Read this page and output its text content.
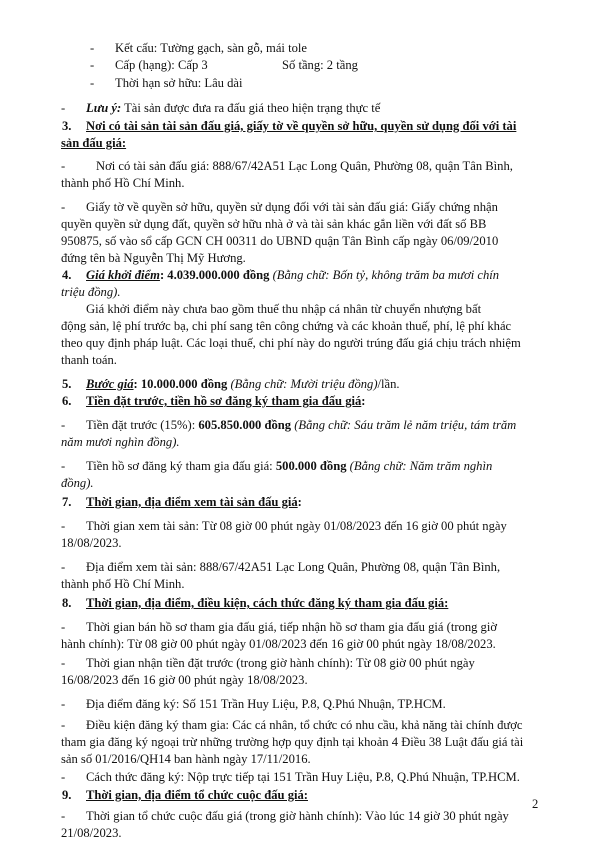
- Kết cấu: Tường gạch, sàn gỗ, mái tole
- Cấp (hạng): Cấp 3	Số tầng: 2 tầng
- Thời hạn sở hữu: Lâu dài
- Lưu ý: Tài sản được đưa ra đấu giá theo hiện trạng thực tế
3. Nơi có tài sản tài sản đấu giá, giấy tờ về quyền sở hữu, quyền sử dụng đối với tài
sản đấu giá:
- Nơi có tài sản đấu giá: 888/67/42A51 Lạc Long Quân, Phường 08, quận Tân Bình,
thành phố Hồ Chí Minh.
- Giấy tờ về quyền sở hữu, quyền sử dụng đối với tài sản đấu giá: Giấy chứng nhận
quyền quyền sử dụng đất, quyền sở hữu nhà ở và tài sản khác gắn liền với đất số BB
950875, số vào sổ cấp GCN CH 00311 do UBND quận Tân Bình cấp ngày 06/09/2010
đứng tên bà Nguyễn Thị Mỹ Hương.
4. Giá khởi điểm: 4.039.000.000 đồng (Bằng chữ: Bốn tỷ, không trăm ba mươi chín
triệu đồng).
Giá khởi điểm này chưa bao gồm thuế thu nhập cá nhân từ chuyển nhượng bất
động sản, lệ phí trước bạ, chi phí sang tên công chứng và các khoản thuế, phí, lệ phí khác
theo quy định pháp luật. Các loại thuế, chi phí này do người trúng đấu giá chịu trách nhiệm
thanh toán.
5. Bước giá: 10.000.000 đồng (Bằng chữ: Mười triệu đồng)/lần.
6. Tiền đặt trước, tiền hồ sơ đăng ký tham gia đấu giá:
- Tiền đặt trước (15%): 605.850.000 đồng (Bằng chữ: Sáu trăm lẻ năm triệu, tám trăm
năm mươi nghìn đồng).
- Tiền hồ sơ đăng ký tham gia đấu giá: 500.000 đồng (Bằng chữ: Năm trăm nghìn
đồng).
7. Thời gian, địa điểm xem tài sản đấu giá:
- Thời gian xem tài sản: Từ 08 giờ 00 phút ngày 01/08/2023 đến 16 giờ 00 phút ngày
18/08/2023.
- Địa điểm xem tài sản: 888/67/42A51 Lạc Long Quân, Phường 08, quận Tân Bình,
thành phố Hồ Chí Minh.
8. Thời gian, địa điểm, điều kiện, cách thức đăng ký tham gia đấu giá:
- Thời gian bán hồ sơ tham gia đấu giá, tiếp nhận hồ sơ tham gia đấu giá (trong giờ
hành chính): Từ 08 giờ 00 phút ngày 01/08/2023 đến 16 giờ 00 phút ngày 18/08/2023.
- Thời gian nhận tiền đặt trước (trong giờ hành chính): Từ 08 giờ 00 phút ngày
16/08/2023 đến 16 giờ 00 phút ngày 18/08/2023.
- Địa điểm đăng ký: Số 151 Trần Huy Liệu, P.8, Q.Phú Nhuận, TP.HCM.
- Điều kiện đăng ký tham gia: Các cá nhân, tổ chức có nhu cầu, khả năng tài chính được
tham gia đăng ký ngoại trừ những trường hợp quy định tại khoản 4 Điều 38 Luật đấu giá tài
sản số 01/2016/QH14 ban hành ngày 17/11/2016.
- Cách thức đăng ký: Nộp trực tiếp tại 151 Trần Huy Liệu, P.8, Q.Phú Nhuận, TP.HCM.
9. Thời gian, địa điểm tổ chức cuộc đấu giá:
- Thời gian tổ chức cuộc đấu giá (trong giờ hành chính): Vào lúc 14 giờ 30 phút ngày
21/08/2023.
2
